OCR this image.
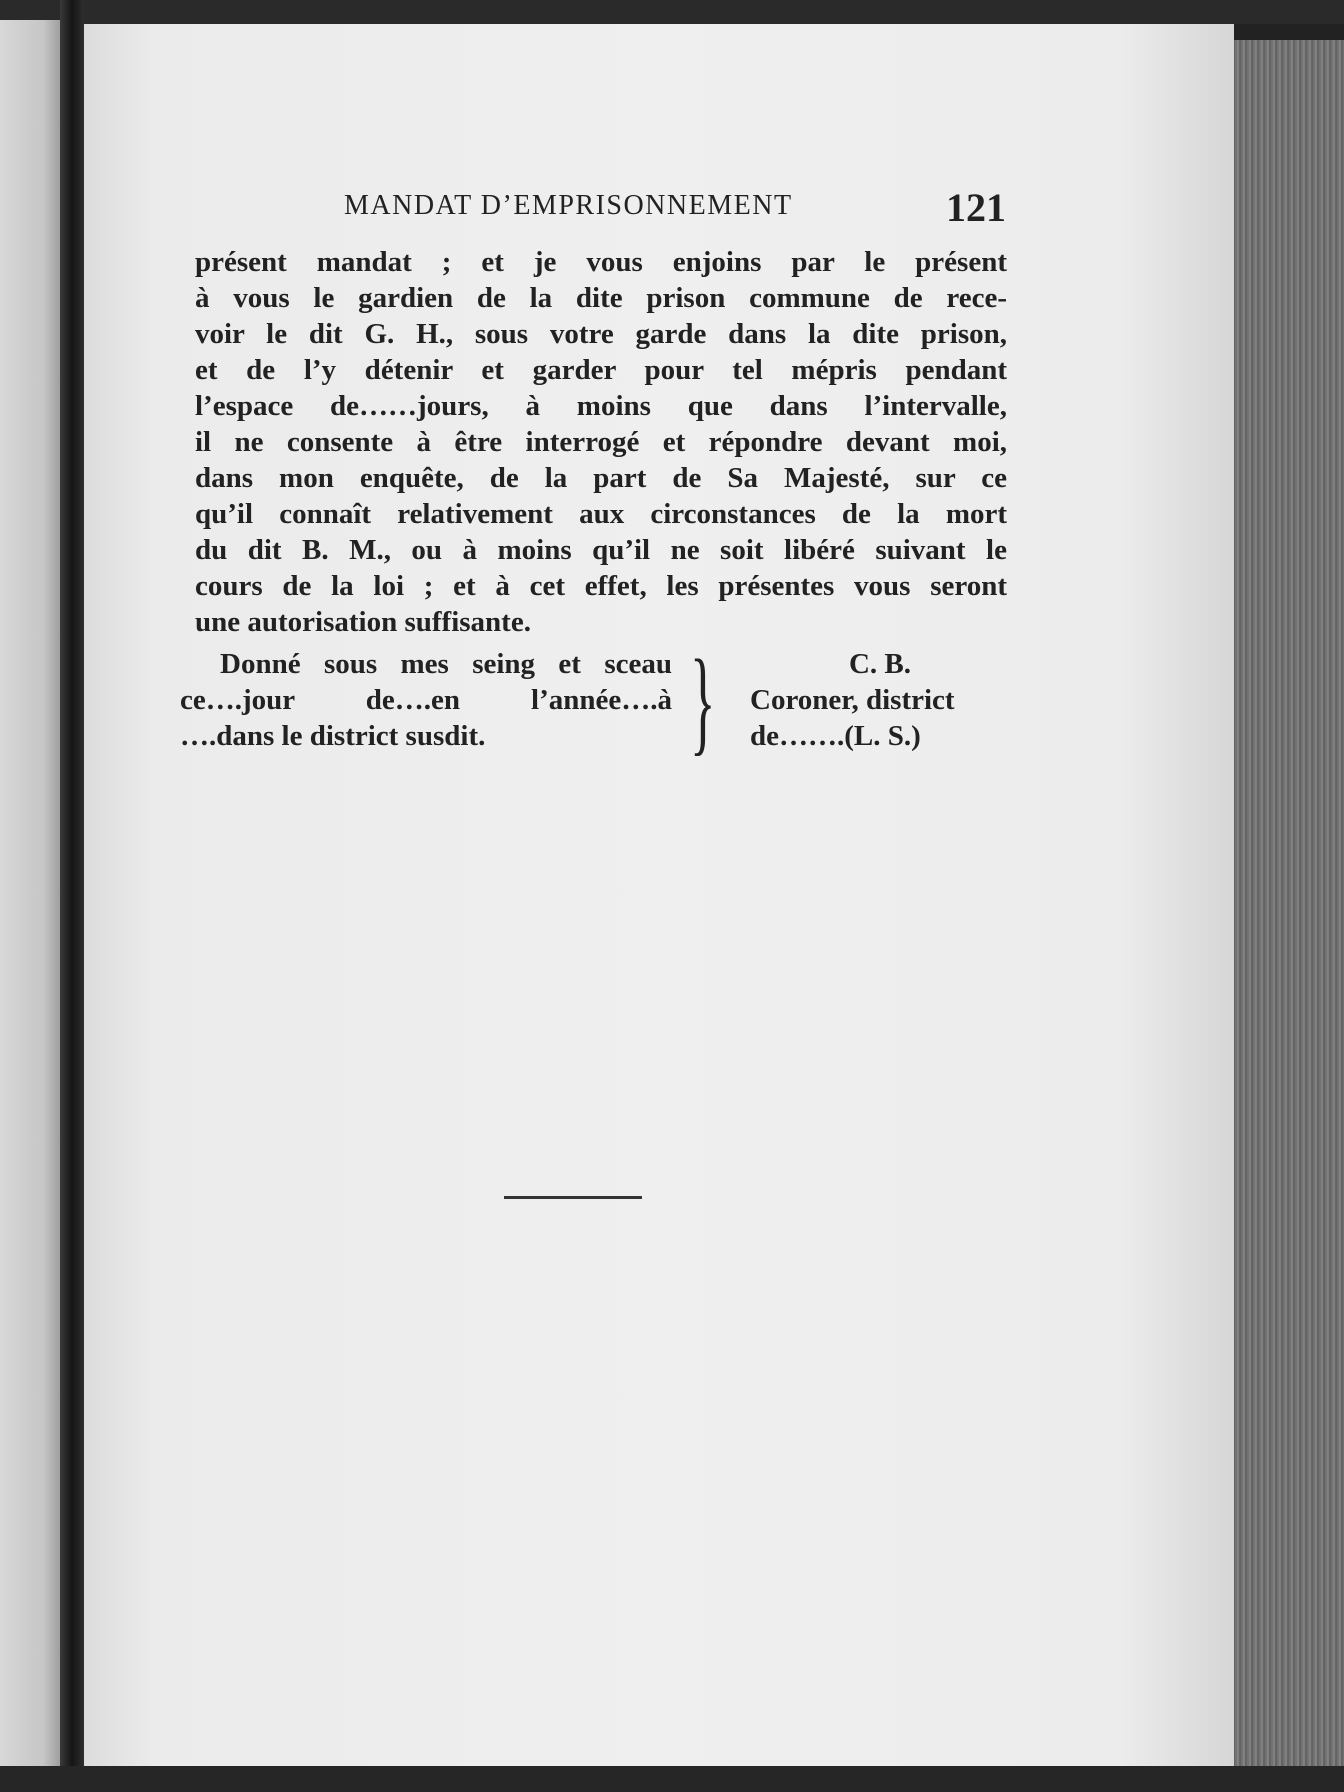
MANDAT D’EMPRISONNEMENT	121
présent mandat ; et je vous enjoins par le présent
à vous le gardien de la dite prison commune de rece-
voir le dit G. H., sous votre garde dans la dite prison,
et de l’y détenir et garder pour tel mépris pendant
l’espace de……jours, à moins que dans l’intervalle,
il ne consente à être interrogé et répondre devant moi,
dans mon enquête, de la part de Sa Majesté, sur ce
qu’il connaît relativement aux circonstances de la mort
du dit B. M., ou à moins qu’il ne soit libéré suivant le
cours de la loi ; et à cet effet, les présentes vous seront
une autorisation suffisante.
Donné sous mes seing et sceau
ce….jour de….en l’année….à
….dans le district susdit.	}	C. B.
Coroner, district
de…….(L. S.)
